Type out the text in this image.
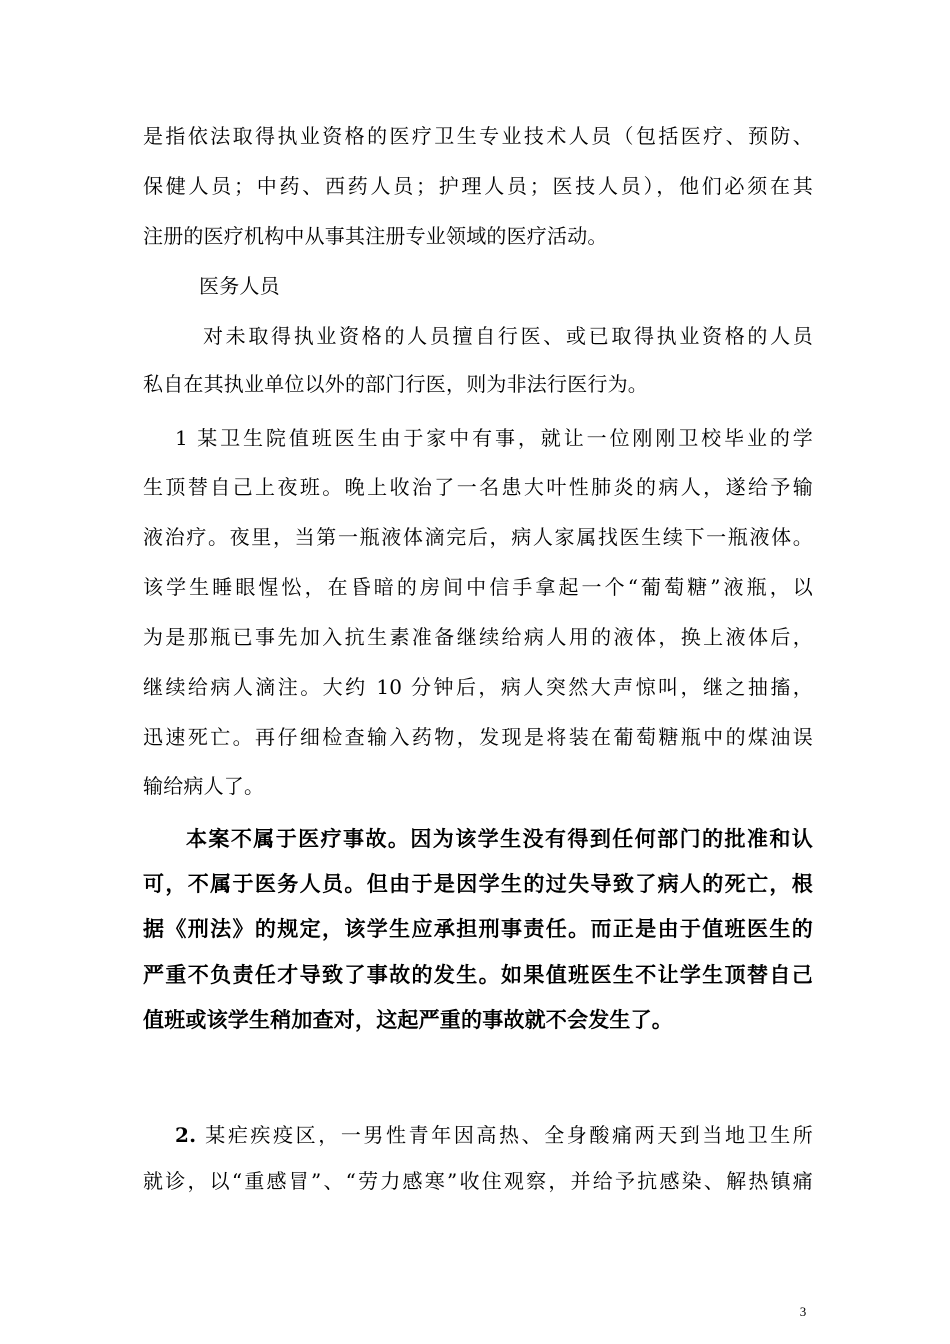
是指依法取得执业资格的医疗卫生专业技术人员（包括医疗、预防、
保健人员；中药、西药人员；护理人员；医技人员），他们必须在其
注册的医疗机构中从事其注册专业领域的医疗活动。
医务人员
对未取得执业资格的人员擅自行医、或已取得执业资格的人员
私自在其执业单位以外的部门行医，则为非法行医行为。
1 某卫生院值班医生由于家中有事，就让一位刚刚卫校毕业的学
生顶替自己上夜班。晚上收治了一名患大叶性肺炎的病人，遂给予输
液治疗。夜里，当第一瓶液体滴完后，病人家属找医生续下一瓶液体。
该学生睡眼惺忪，在昏暗的房间中信手拿起一个“葡萄糖”液瓶，以
为是那瓶已事先加入抗生素准备继续给病人用的液体，换上液体后，
继续给病人滴注。大约 10 分钟后，病人突然大声惊叫，继之抽搐，
迅速死亡。再仔细检查输入药物，发现是将装在葡萄糖瓶中的煤油误
输给病人了。
本案不属于医疗事故。因为该学生没有得到任何部门的批准和认
可，不属于医务人员。但由于是因学生的过失导致了病人的死亡，根
据《刑法》的规定，该学生应承担刑事责任。而正是由于值班医生的
严重不负责任才导致了事故的发生。如果值班医生不让学生顶替自己
值班或该学生稍加查对，这起严重的事故就不会发生了。
2. 某疟疾疫区，一男性青年因高热、全身酸痛两天到当地卫生所
就诊，以“重感冒”、“劳力感寒”收住观察，并给予抗感染、解热镇痛
3
